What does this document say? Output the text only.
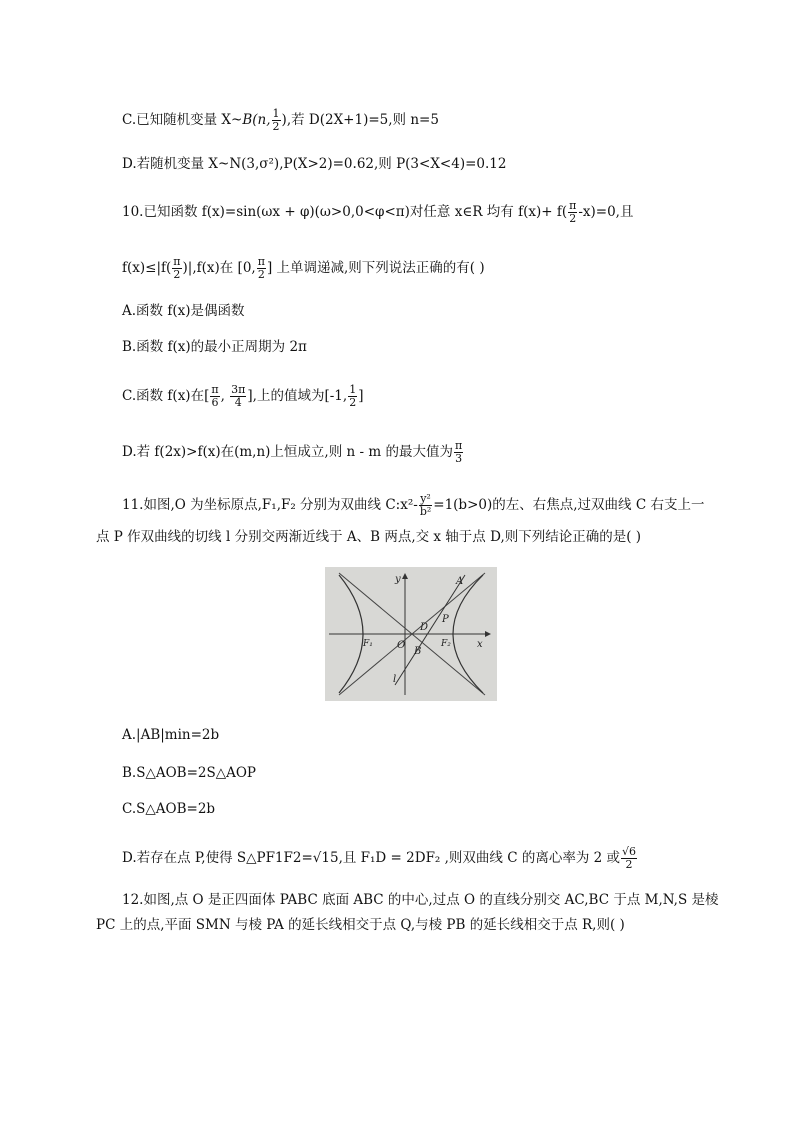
C.已知随机变量 X~B(n, $\frac{1}{2}$ ),若 D(2X+1)=5,则 n=5
D.若随机变量 X~N(3,σ²),P(X>2)=0.62,则 P(3<X<4)=0.12
10.已知函数 f(x)=sin(ωx + φ)(ω>0,0<φ<π)对任意 x∈R 均有 $f(x)+ f( \frac{\pi}{2} -x)=0$,且
$f(x)\le|f( \frac{\pi}{2} )|,f(x)$在 [0, $\frac{\pi}{2}$ ] 上单调递减,则下列说法正确的有( )
A.函数 f(x)是偶函数
B.函数 f(x)的最小正周期为 2π
C.函数 f(x)在[ $\frac{\pi}{6}$ , $\frac{3\pi}{4}$ ],上的值域为[-1, $\frac{1}{2}$ ]
D.若 f(2x)>f(x)在(m,n)上恒成立,则 n - m 的最大值为 $\frac{\pi}{3}$
11.如图,O 为坐标原点,F₁,F₂ 分别为双曲线 C:x²- $\frac{\text{y²}}{\text{b²}} =1(b>0)$的左、右焦点,过双曲线 C 右支上一
点 P 作双曲线的切线 l 分别交两渐近线于 A、B 两点,交 x 轴于点 D,则下列结论正确的是( )
y	A
P
D
F₁ O	F₂
B
x
l
A.|AB|min=2b
B.S△AOB=2S△AOP
C.S△AOB=2b
D.若存在点 P,使得 S△PF1F2=√15,且 F₁D = 2DF₂ ,则双曲线 C 的离心率为 2 或 $\frac{√6}{2}$
12.如图,点 O 是正四面体 PABC 底面 ABC 的中心,过点 O 的直线分别交 AC,BC 于点 M,N,S 是棱
PC 上的点,平面 SMN 与棱 PA 的延长线相交于点 Q,与棱 PB 的延长线相交于点 R,则( )
